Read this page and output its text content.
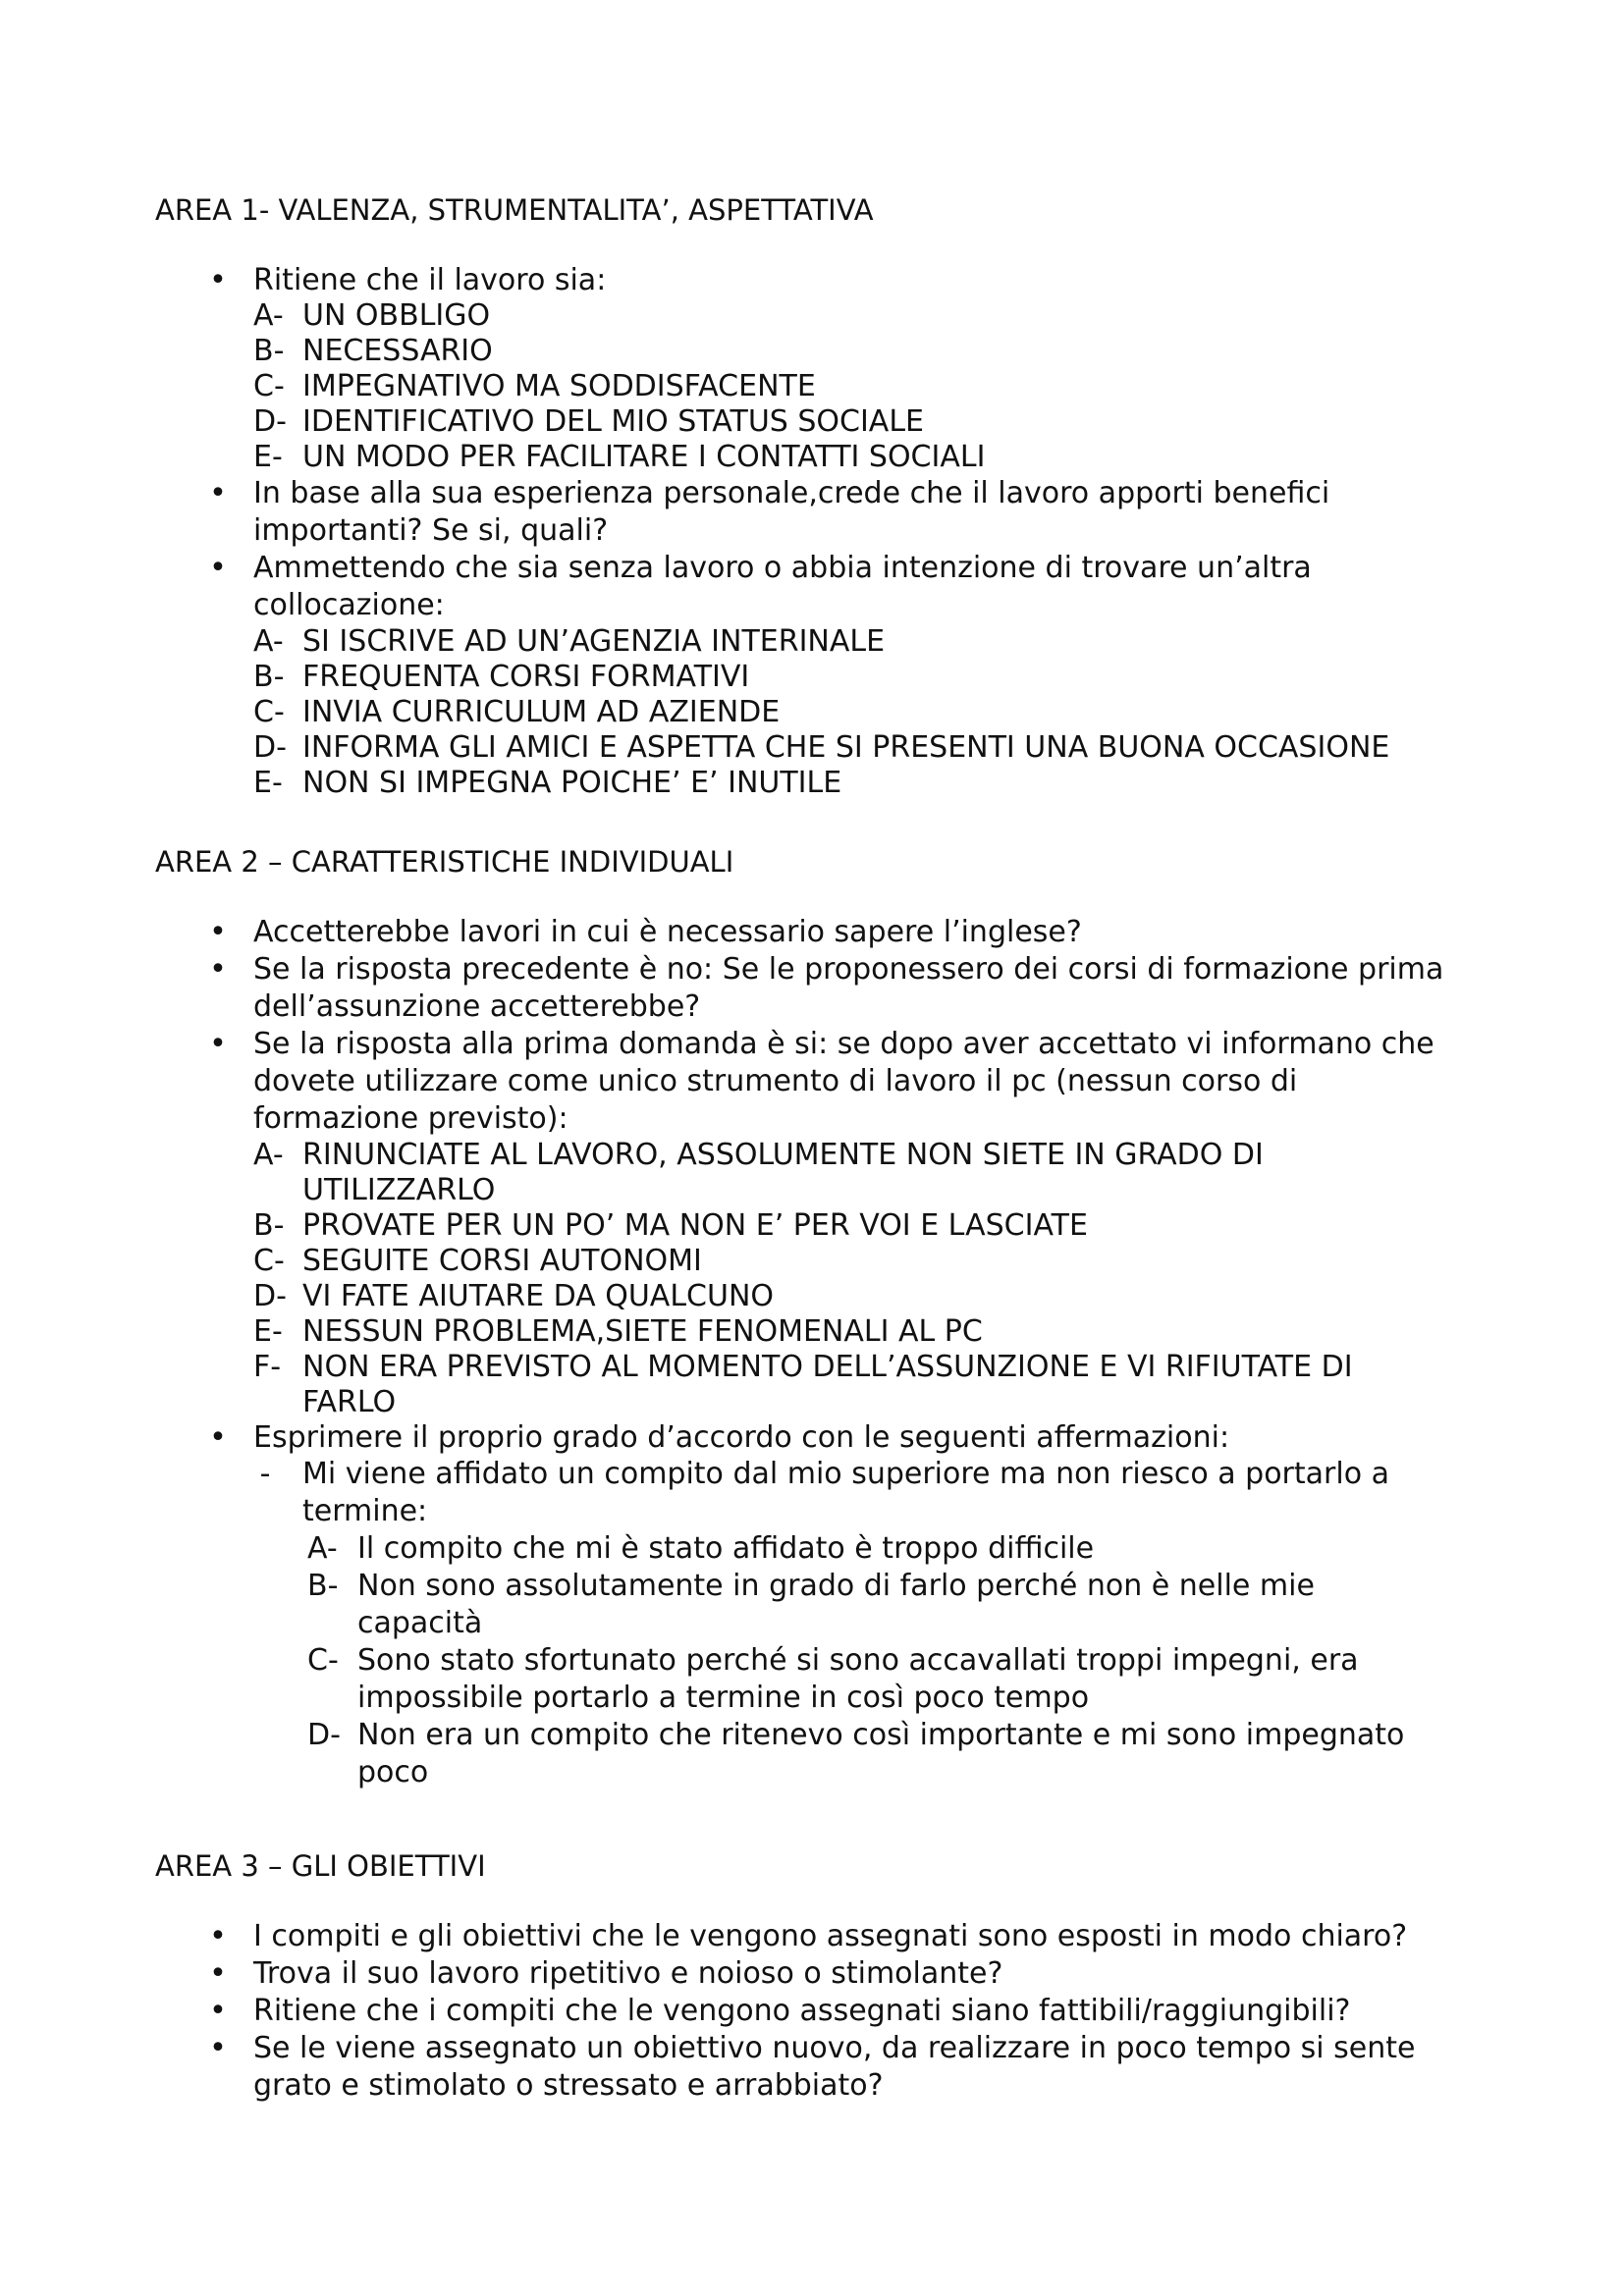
AREA 1- VALENZA, STRUMENTALITA’, ASPETTATIVA
• Ritiene che il lavoro sia:
A- UN OBBLIGO
B- NECESSARIO
C- IMPEGNATIVO MA SODDISFACENTE
D- IDENTIFICATIVO DEL MIO STATUS SOCIALE
E- UN MODO PER FACILITARE I CONTATTI SOCIALI
• In base alla sua esperienza personale,crede che il lavoro apporti benefici
importanti? Se si, quali?
• Ammettendo che sia senza lavoro o abbia intenzione di trovare un’altra
collocazione:
A- SI ISCRIVE AD UN’AGENZIA INTERINALE
B- FREQUENTA CORSI FORMATIVI
C- INVIA CURRICULUM AD AZIENDE
D- INFORMA GLI AMICI E ASPETTA CHE SI PRESENTI UNA BUONA OCCASIONE
E- NON SI IMPEGNA POICHE’ E’ INUTILE
AREA 2 – CARATTERISTICHE INDIVIDUALI
• Accetterebbe lavori in cui è necessario sapere l’inglese?
• Se la risposta precedente è no: Se le proponessero dei corsi di formazione prima
dell’assunzione accetterebbe?
• Se la risposta alla prima domanda è si: se dopo aver accettato vi informano che
dovete utilizzare come unico strumento di lavoro il pc (nessun corso di
formazione previsto):
A- RINUNCIATE AL LAVORO, ASSOLUMENTE NON SIETE IN GRADO DI
UTILIZZARLO
B- PROVATE PER UN PO’ MA NON E’ PER VOI E LASCIATE
C- SEGUITE CORSI AUTONOMI
D- VI FATE AIUTARE DA QUALCUNO
E- NESSUN PROBLEMA,SIETE FENOMENALI AL PC
F- NON ERA PREVISTO AL MOMENTO DELL’ASSUNZIONE E VI RIFIUTATE DI
FARLO
• Esprimere il proprio grado d’accordo con le seguenti affermazioni:
- Mi viene affidato un compito dal mio superiore ma non riesco a portarlo a
termine:
A- Il compito che mi è stato affidato è troppo difficile
B- Non sono assolutamente in grado di farlo perché non è nelle mie
capacità
C- Sono stato sfortunato perché si sono accavallati troppi impegni, era
impossibile portarlo a termine in così poco tempo
D- Non era un compito che ritenevo così importante e mi sono impegnato
poco
AREA 3 – GLI OBIETTIVI
• I compiti e gli obiettivi che le vengono assegnati sono esposti in modo chiaro?
• Trova il suo lavoro ripetitivo e noioso o stimolante?
• Ritiene che i compiti che le vengono assegnati siano fattibili/raggiungibili?
• Se le viene assegnato un obiettivo nuovo, da realizzare in poco tempo si sente
grato e stimolato o stressato e arrabbiato?
